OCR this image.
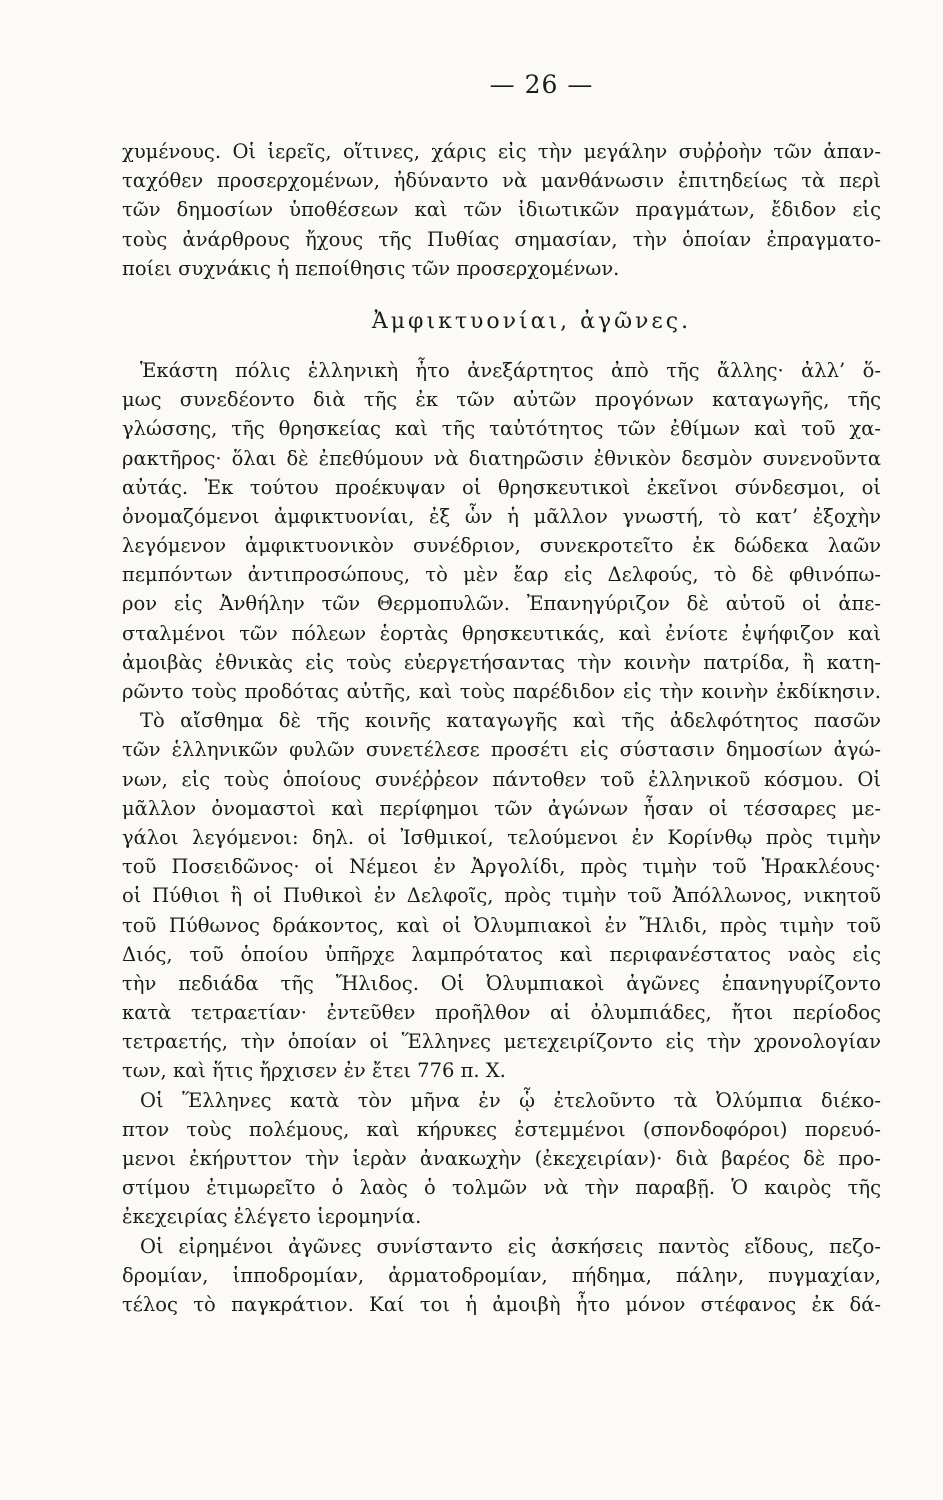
— 26 —
χυμένους. Οἱ ἱερεῖς, οἵτινες, χάρις εἰς τὴν μεγάλην συῤῥοὴν τῶν ἁπαν-
ταχόθεν προσερχομένων, ἠδύναντο νὰ μανθάνωσιν ἐπιτηδείως τὰ περὶ
τῶν δημοσίων ὑποθέσεων καὶ τῶν ἰδιωτικῶν πραγμάτων, ἔδιδον εἰς
τοὺς ἀνάρθρους ἤχους τῆς Πυθίας σημασίαν, τὴν ὁποίαν ἐπραγματο-
ποίει συχνάκις ἡ πεποίθησις τῶν προσερχομένων.
Ἀμφικτυονίαι, ἀγῶνες.
Ἑκάστη πόλις ἑλληνικὴ ἦτο ἀνεξάρτητος ἀπὸ τῆς ἄλλης· ἀλλ’ ὅ-
μως συνεδέοντο διὰ τῆς ἐκ τῶν αὐτῶν προγόνων καταγωγῆς, τῆς
γλώσσης, τῆς θρησκείας καὶ τῆς ταὐτότητος τῶν ἐθίμων καὶ τοῦ χα-
ρακτῆρος· ὅλαι δὲ ἐπεθύμουν νὰ διατηρῶσιν ἐθνικὸν δεσμὸν συνενοῦντα
αὐτάς. Ἐκ τούτου προέκυψαν οἱ θρησκευτικοὶ ἐκεῖνοι σύνδεσμοι, οἱ
ὀνομαζόμενοι ἀμφικτυονίαι, ἐξ ὧν ἡ μᾶλλον γνωστή, τὸ κατ’ ἐξοχὴν
λεγόμενον ἀμφικτυονικὸν συνέδριον, συνεκροτεῖτο ἐκ δώδεκα λαῶν
πεμπόντων ἀντιπροσώπους, τὸ μὲν ἔαρ εἰς Δελφούς, τὸ δὲ φθινόπω-
ρον εἰς Ἀνθήλην τῶν Θερμοπυλῶν. Ἐπανηγύριζον δὲ αὐτοῦ οἱ ἀπε-
σταλμένοι τῶν πόλεων ἑορτὰς θρησκευτικάς, καὶ ἐνίοτε ἐψήφιζον καὶ
ἀμοιβὰς ἐθνικὰς εἰς τοὺς εὐεργετήσαντας τὴν κοινὴν πατρίδα, ἢ κατη-
ρῶντο τοὺς προδότας αὐτῆς, καὶ τοὺς παρέδιδον εἰς τὴν κοινὴν ἐκδίκησιν.
Τὸ αἴσθημα δὲ τῆς κοινῆς καταγωγῆς καὶ τῆς ἀδελφότητος πασῶν
τῶν ἑλληνικῶν φυλῶν συνετέλεσε προσέτι εἰς σύστασιν δημοσίων ἀγώ-
νων, εἰς τοὺς ὁποίους συνέῤῥεον πάντοθεν τοῦ ἑλληνικοῦ κόσμου. Οἱ
μᾶλλον ὀνομαστοὶ καὶ περίφημοι τῶν ἀγώνων ἦσαν οἱ τέσσαρες με-
γάλοι λεγόμενοι: δηλ. οἱ Ἰσθμικοί, τελούμενοι ἐν Κορίνθῳ πρὸς τιμὴν
τοῦ Ποσειδῶνος· οἱ Νέμεοι ἐν Ἀργολίδι, πρὸς τιμὴν τοῦ Ἡρακλέους·
οἱ Πύθιοι ἢ οἱ Πυθικοὶ ἐν Δελφοῖς, πρὸς τιμὴν τοῦ Ἀπόλλωνος, νικητοῦ
τοῦ Πύθωνος δράκοντος, καὶ οἱ Ὀλυμπιακοὶ ἐν Ἤλιδι, πρὸς τιμὴν τοῦ
Διός, τοῦ ὁποίου ὑπῆρχε λαμπρότατος καὶ περιφανέστατος ναὸς εἰς
τὴν πεδιάδα τῆς Ἤλιδος. Οἱ Ὀλυμπιακοὶ ἀγῶνες ἐπανηγυρίζοντο
κατὰ τετραετίαν· ἐντεῦθεν προῆλθον αἱ ὀλυμπιάδες, ἤτοι περίοδος
τετραετής, τὴν ὁποίαν οἱ Ἕλληνες μετεχειρίζοντο εἰς τὴν χρονολογίαν
των, καὶ ἥτις ἤρχισεν ἐν ἔτει 776 π. Χ.
Οἱ Ἕλληνες κατὰ τὸν μῆνα ἐν ᾧ ἐτελοῦντο τὰ Ὀλύμπια διέκο-
πτον τοὺς πολέμους, καὶ κήρυκες ἐστεμμένοι (σπονδοφόροι) πορευό-
μενοι ἐκήρυττον τὴν ἱερὰν ἀνακωχὴν (ἐκεχειρίαν)· διὰ βαρέος δὲ προ-
στίμου ἐτιμωρεῖτο ὁ λαὸς ὁ τολμῶν νὰ τὴν παραβῇ. Ὁ καιρὸς τῆς
ἐκεχειρίας ἐλέγετο ἱερομηνία.
Οἱ εἰρημένοι ἀγῶνες συνίσταντο εἰς ἀσκήσεις παντὸς εἴδους, πεζο-
δρομίαν, ἱπποδρομίαν, ἁρματοδρομίαν, πήδημα, πάλην, πυγμαχίαν,
τέλος τὸ παγκράτιον. Καί τοι ἡ ἀμοιβὴ ἦτο μόνον στέφανος ἐκ δά-
